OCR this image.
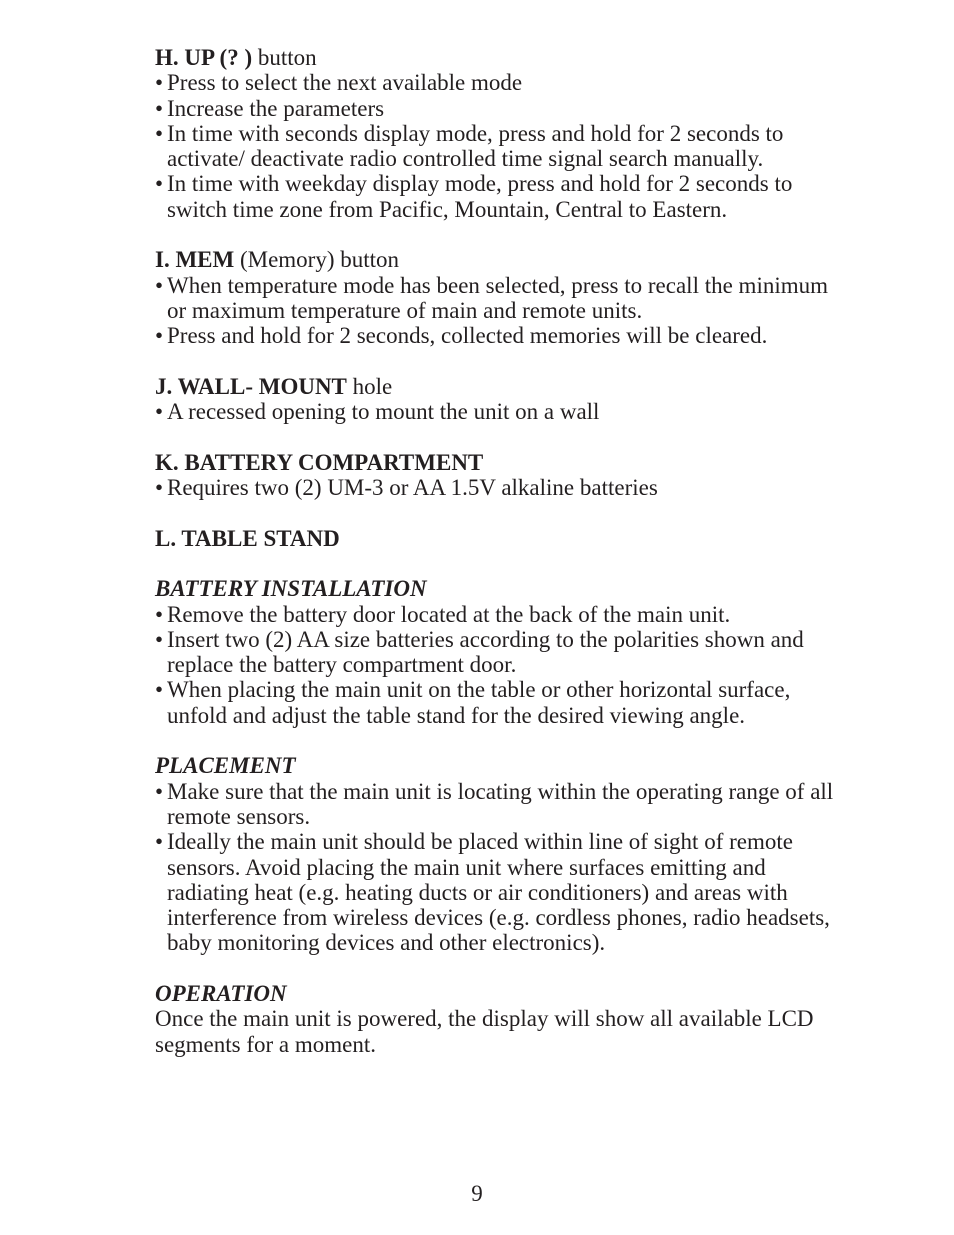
H. UP (? ) button

• Press to select the next available mode
• Increase the parameters
• In time with seconds display mode, press and hold for 2 seconds to activate/ deactivate radio controlled time signal search manually.
• In time with weekday display mode, press and hold for 2 seconds to switch time zone from Pacific, Mountain, Central to Eastern.

I. MEM (Memory) button

• When temperature mode has been selected, press to recall the minimum or maximum temperature of main and remote units.
• Press and hold for 2 seconds, collected memories will be cleared.

J. WALL- MOUNT hole

• A recessed opening to mount the unit on a wall

K. BATTERY COMPARTMENT

• Requires two (2) UM-3 or AA 1.5V alkaline batteries

L. TABLE STAND

BATTERY INSTALLATION

• Remove the battery door located at the back of the main unit.
• Insert two (2) AA size batteries according to the polarities shown and replace the battery compartment door.
• When placing the main unit on the table or other horizontal surface, unfold and adjust the table stand for the desired viewing angle.

PLACEMENT

• Make sure that the main unit is locating within the operating range of all remote sensors.
• Ideally the main unit should be placed within line of sight of remote sensors. Avoid placing the main unit where surfaces emitting and radiating heat (e.g. heating ducts or air conditioners) and areas with interference from wireless devices (e.g. cordless phones, radio headsets, baby monitoring devices and other electronics).

OPERATION

Once the main unit is powered, the display will show all available LCD segments for a moment.

9
